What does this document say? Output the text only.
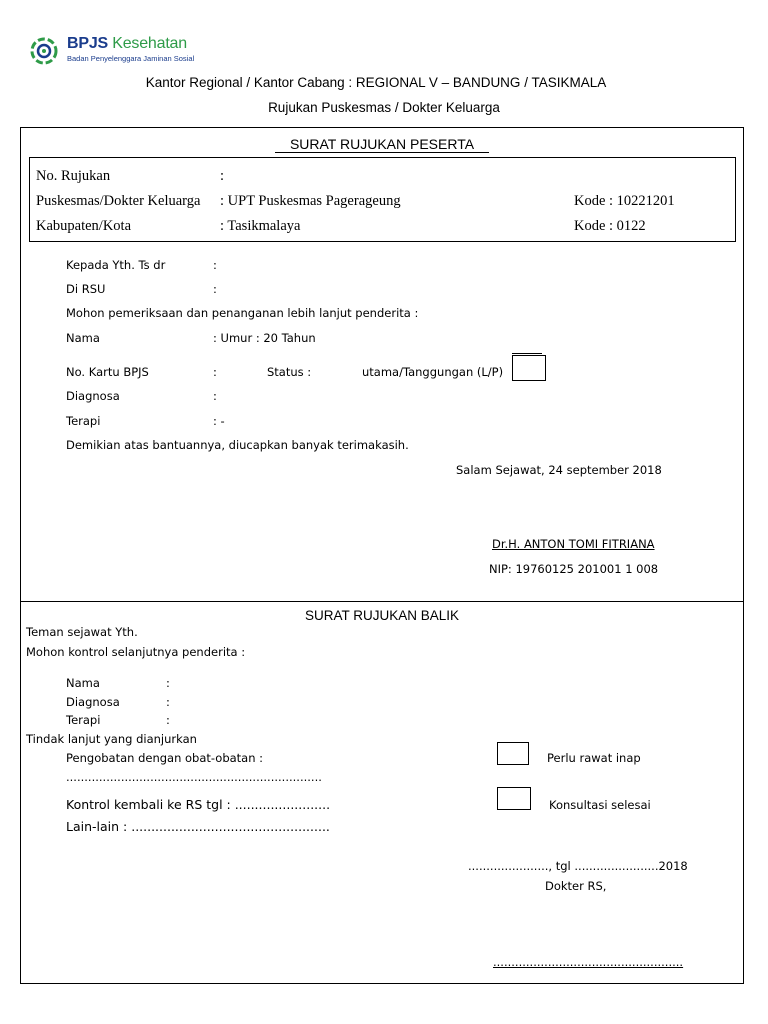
BPJS Kesehatan
Badan Penyelenggara Jaminan Sosial
Kantor Regional / Kantor Cabang : REGIONAL V – BANDUNG / TASIKMALA
Rujukan Puskesmas / Dokter Keluarga
SURAT RUJUKAN PESERTA
No. Rujukan	:
Puskesmas/Dokter Keluarga : UPT Puskesmas Pagerageung	Kode : 10221201
Kabupaten/Kota	: Tasikmalaya	Kode : 0122
Kepada Yth. Ts dr	:
Di RSU	:
Mohon pemeriksaan dan penanganan lebih lanjut penderita :
Nama	: Umur : 20 Tahun
No. Kartu BPJS	:	Status :	utama/Tanggungan (L/P)
Diagnosa	:
Terapi	: -
Demikian atas bantuannya, diucapkan banyak terimakasih.
Salam Sejawat, 24 september 2018
Dr.H. ANTON TOMI FITRIANA
NIP: 19760125 201001 1 008
SURAT RUJUKAN BALIK
Teman sejawat Yth.
Mohon kontrol selanjutnya penderita :
Nama	:
Diagnosa	:
Terapi	:
Tindak lanjut yang dianjurkan
Pengobatan dengan obat-obatan :
......................................................................
Kontrol kembali ke RS tgl : ........................
Lain-lain : ..................................................
Perlu rawat inap
Konsultasi selesai
......................, tgl .......................2018
Dokter RS,
....................................................
